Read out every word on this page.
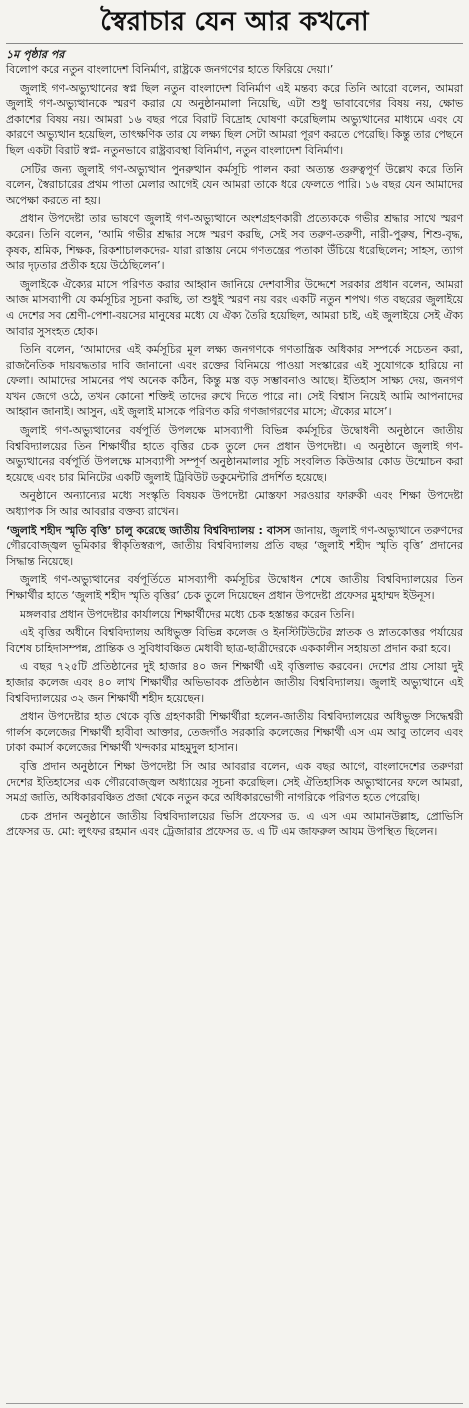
স্বৈরাচার যেন আর কখনো
১ম পৃষ্ঠার পর

বিলোপ করে নতুন বাংলাদেশ বিনির্মাণ, রাষ্ট্রকে জনগণের হাতে ফিরিয়ে দেয়া।’

জুলাই গণ-অভ্যুত্থানের স্বপ্ন ছিল নতুন বাংলাদেশ বিনির্মাণ এই মন্তব্য করে তিনি আরো বলেন, আমরা জুলাই গণ-অভ্যুত্থানকে স্মরণ করার যে অনুষ্ঠানমালা নিয়েছি, এটা শুধু ভাবাবেগের বিষয় নয়, ক্ষোভ প্রকাশের বিষয় নয়। আমরা ১৬ বছর পরে বিরাট বিদ্রোহ ঘোষণা করেছিলাম অভ্যুত্থানের মাধ্যমে এবং যে কারণে অভ্যুত্থান হয়েছিল, তাৎক্ষণিক তার যে লক্ষ্য ছিল সেটা আমরা পূরণ করতে পেরেছি। কিন্তু তার পেছনে ছিল একটা বিরাট স্বপ্ন- নতুনভাবে রাষ্ট্রব্যবস্থা বিনির্মাণ, নতুন বাংলাদেশ বিনির্মাণ।

সেটির জন্য জুলাই গণ-অভ্যুত্থান পুনরুত্থান কর্মসূচি পালন করা অত্যন্ত গুরুত্বপূর্ণ উল্লেখ করে তিনি বলেন, স্বৈরাচারের প্রথম পাতা মেলার আগেই যেন আমরা তাকে ধরে ফেলতে পারি। ১৬ বছর যেন আমাদের অপেক্ষা করতে না হয়।

প্রধান উপদেষ্টা তার ভাষণে জুলাই গণ-অভ্যুত্থানে অংশগ্রহণকারী প্রত্যেককে গভীর শ্রদ্ধার সাথে স্মরণ করেন। তিনি বলেন, ‘আমি গভীর শ্রদ্ধার সঙ্গে স্মরণ করছি, সেই সব তরুণ-তরুণী, নারী-পুরুষ, শিশু-বৃদ্ধ, কৃষক, শ্রমিক, শিক্ষক, রিকশাচালকদের- যারা রাস্তায় নেমে গণতন্ত্রের পতাকা উঁচিয়ে ধরেছিলেন; সাহস, ত্যাগ আর দৃঢ়তার প্রতীক হয়ে উঠেছিলেন’।

জুলাইকে ঐক্যের মাসে পরিণত করার আহ্বান জানিয়ে দেশবাসীর উদ্দেশে সরকার প্রধান বলেন, আমরা আজ মাসব্যাপী যে কর্মসূচির সূচনা করছি, তা শুধুই স্মরণ নয় বরং একটি নতুন শপথ। গত বছরের জুলাইয়ে এ দেশের সব শ্রেণী-পেশা-বয়সের মানুষের মধ্যে যে ঐক্য তৈরি হয়েছিল, আমরা চাই, এই জুলাইয়ে সেই ঐক্য আবার সুসংহত হোক।

তিনি বলেন, ‘আমাদের এই কর্মসূচির মূল লক্ষ্য জনগণকে গণতান্ত্রিক অধিকার সম্পর্কে সচেতন করা, রাজনৈতিক দায়বদ্ধতার দাবি জানানো এবং রক্তের বিনিময়ে পাওয়া সংস্কারের এই সুযোগকে হারিয়ে না ফেলা। আমাদের সামনের পথ অনেক কঠিন, কিন্তু মস্ত বড় সম্ভাবনাও আছে। ইতিহাস সাক্ষ্য দেয়, জনগণ যখন জেগে ওঠে, তখন কোনো শক্তিই তাদের রুখে দিতে পারে না। সেই বিশ্বাস নিয়েই আমি আপনাদের আহ্বান জানাই। আসুন, এই জুলাই মাসকে পরিণত করি গণজাগরণের মাসে; ঐক্যের মাসে’।

জুলাই গণ-অভ্যুত্থানের বর্ষপূর্তি উপলক্ষে মাসব্যাপী বিভিন্ন কর্মসূচির উদ্বোধনী অনুষ্ঠানে জাতীয় বিশ্ববিদ্যালয়ের তিন শিক্ষার্থীর হাতে বৃত্তির চেক তুলে দেন প্রধান উপদেষ্টা। এ অনুষ্ঠানে জুলাই গণ-অভ্যুত্থানের বর্ষপূর্তি উপলক্ষে মাসব্যাপী সম্পূর্ণ অনুষ্ঠানমালার সূচি সংবলিত কিউআর কোড উন্মোচন করা হয়েছে এবং চার মিনিটের একটি জুলাই ট্রিবিউট ডকুমেন্টারি প্রদর্শিত হয়েছে।

অনুষ্ঠানে অন্যান্যের মধ্যে সংস্কৃতি বিষয়ক উপদেষ্টা মোস্তফা সরওয়ার ফারুকী এবং শিক্ষা উপদেষ্টা অধ্যাপক সি আর আবরার বক্তব্য রাখেন।

‘জুলাই শহীদ স্মৃতি বৃত্তি’ চালু করেছে জাতীয় বিশ্ববিদ্যালয় : বাসস জানায়, জুলাই গণ-অভ্যুত্থানে তরুণদের গৌরবোজ্জ্বল ভূমিকার স্বীকৃতিস্বরূপ, জাতীয় বিশ্ববিদ্যালয় প্রতি বছর ‘জুলাই শহীদ স্মৃতি বৃত্তি’ প্রদানের সিদ্ধান্ত নিয়েছে।

জুলাই গণ-অভ্যুত্থানের বর্ষপূর্তিতে মাসব্যাপী কর্মসূচির উদ্বোধন শেষে জাতীয় বিশ্ববিদ্যালয়ের তিন শিক্ষার্থীর হাতে ‘জুলাই শহীদ স্মৃতি বৃত্তির’ চেক তুলে দিয়েছেন প্রধান উপদেষ্টা প্রফেসর মুহাম্মদ ইউনূস।

মঙ্গলবার প্রধান উপদেষ্টার কার্যালয়ে শিক্ষার্থীদের মধ্যে চেক হস্তান্তর করেন তিনি।

এই বৃত্তির অধীনে বিশ্ববিদ্যালয় অধিভুক্ত বিভিন্ন কলেজ ও ইনস্টিটিউটের স্নাতক ও স্নাতকোত্তর পর্যায়ের বিশেষ চাহিদাসম্পন্ন, প্রান্তিক ও সুবিধাবঞ্চিত মেধাবী ছাত্র-ছাত্রীদেরকে এককালীন সহায়তা প্রদান করা হবে।

এ বছর ৭২৫টি প্রতিষ্ঠানের দুই হাজার ৪০ জন শিক্ষার্থী এই বৃত্তিলাভ করবেন। দেশের প্রায় সোয়া দুই হাজার কলেজ এবং ৪০ লাখ শিক্ষার্থীর অভিভাবক প্রতিষ্ঠান জাতীয় বিশ্ববিদ্যালয়। জুলাই অভ্যুত্থানে এই বিশ্ববিদ্যালয়ের ৩২ জন শিক্ষার্থী শহীদ হয়েছেন।

প্রধান উপদেষ্টার হাত থেকে বৃত্তি গ্রহণকারী শিক্ষার্থীরা হলেন-জাতীয় বিশ্ববিদ্যালয়ের অধিভুক্ত সিদ্ধেশ্বরী গার্লস কলেজের শিক্ষার্থী হাবীবা আক্তার, তেজগাঁও সরকারি কলেজের শিক্ষার্থী এস এম আবু তালেব এবং ঢাকা কমার্স কলেজের শিক্ষার্থী খন্দকার মাহমুদুল হাসান।

বৃত্তি প্রদান অনুষ্ঠানে শিক্ষা উপদেষ্টা সি আর আবরার বলেন, এক বছর আগে, বাংলাদেশের তরুণরা দেশের ইতিহাসের এক গৌরবোজ্জ্বল অধ্যায়ের সূচনা করেছিল। সেই ঐতিহাসিক অভ্যুত্থানের ফলে আমরা, সমগ্র জাতি, অধিকারবঞ্চিত প্রজা থেকে নতুন করে অধিকারভোগী নাগরিকে পরিণত হতে পেরেছি।

চেক প্রদান অনুষ্ঠানে জাতীয় বিশ্ববিদ্যালয়ের ভিসি প্রফেসর ড. এ এস এম আমানউল্লাহ, প্রোভিসি প্রফেসর ড. মো: লুৎফর রহমান এবং ট্রেজারার প্রফেসর ড. এ টি এম জাফরুল আযম উপস্থিত ছিলেন।
